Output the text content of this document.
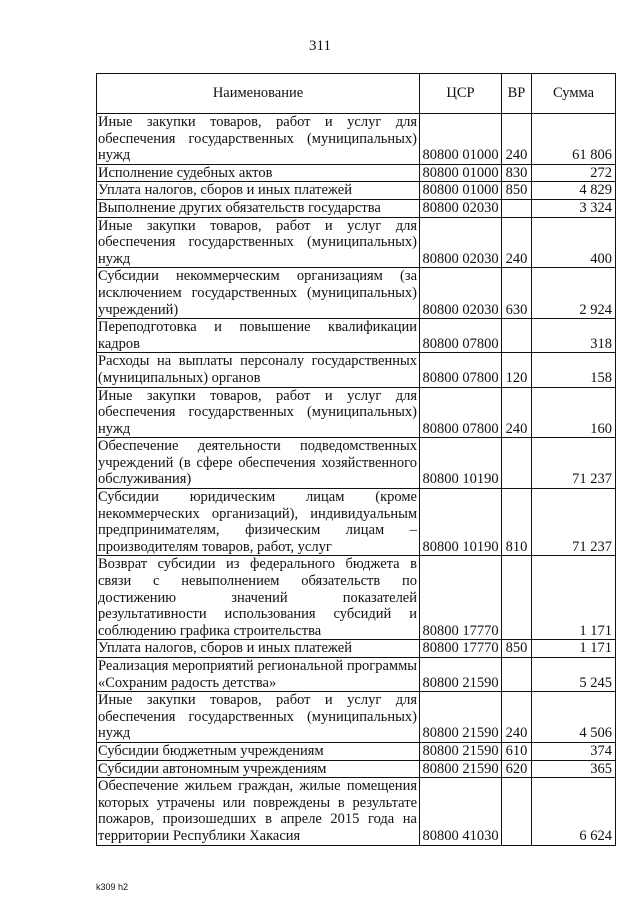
311
Наименование	ЦСР	ВР	Сумма
Иные закупки товаров, работ и услуг для обеспечения государственных (муниципальных) нужд	80800 01000	240	61 806
Исполнение судебных актов	80800 01000	830	272
Уплата налогов, сборов и иных платежей	80800 01000	850	4 829
Выполнение других обязательств государства	80800 02030		3 324
Иные закупки товаров, работ и услуг для обеспечения государственных (муниципальных) нужд	80800 02030	240	400
Субсидии некоммерческим организациям (за исключением государственных (муниципальных) учреждений)	80800 02030	630	2 924
Переподготовка и повышение квалификации кадров	80800 07800		318
Расходы на выплаты персоналу государственных (муниципальных) органов	80800 07800	120	158
Иные закупки товаров, работ и услуг для обеспечения государственных (муниципальных) нужд	80800 07800	240	160
Обеспечение деятельности подведомственных учреждений (в сфере обеспечения хозяйственного обслуживания)	80800 10190		71 237
Субсидии юридическим лицам (кроме некоммерческих организаций), индивидуальным предпринимателям, физическим лицам – производителям товаров, работ, услуг	80800 10190	810	71 237
Возврат субсидии из федерального бюджета в связи с невыполнением обязательств по достижению значений показателей результативности использования субсидий и соблюдению графика строительства	80800 17770		1 171
Уплата налогов, сборов и иных платежей	80800 17770	850	1 171
Реализация мероприятий региональной программы «Сохраним радость детства»	80800 21590		5 245
Иные закупки товаров, работ и услуг для обеспечения государственных (муниципальных) нужд	80800 21590	240	4 506
Субсидии бюджетным учреждениям	80800 21590	610	374
Субсидии автономным учреждениям	80800 21590	620	365
Обеспечение жильем граждан, жилые помещения которых утрачены или повреждены в результате пожаров, произошедших в апреле 2015 года на территории Республики Хакасия	80800 41030		6 624
k309 h2
